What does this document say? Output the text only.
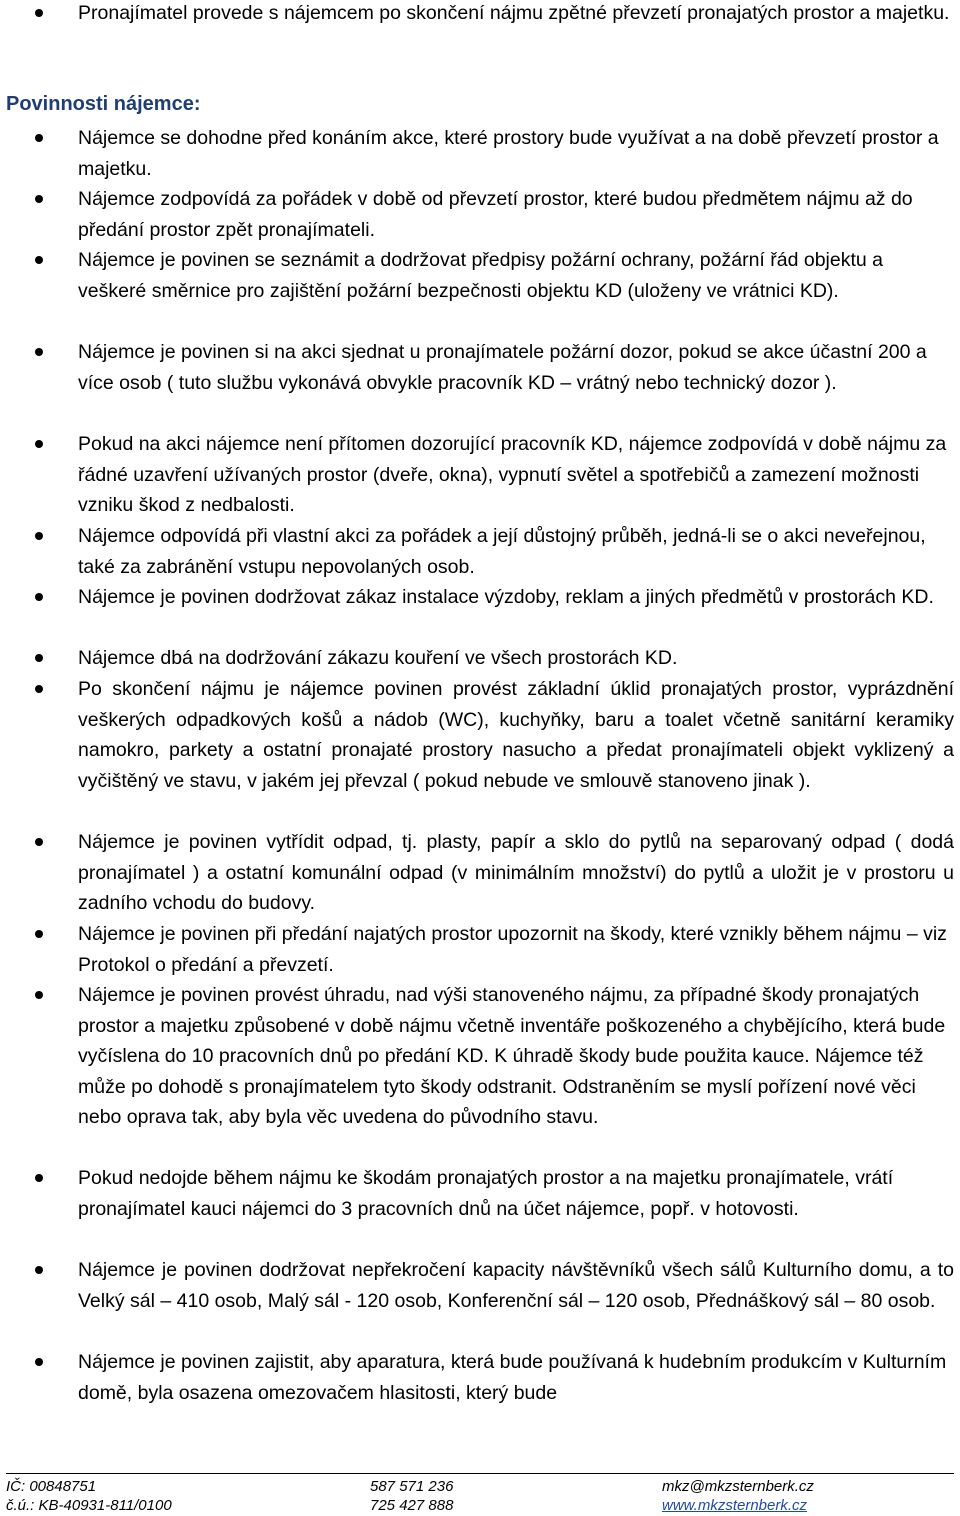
Pronajímatel provede s nájemcem po skončení nájmu zpětné převzetí pronajatých prostor a majetku.
Povinnosti nájemce:
Nájemce se dohodne před konáním akce, které prostory bude využívat a na době převzetí prostor a majetku.
Nájemce zodpovídá za pořádek v době od převzetí prostor, které budou předmětem nájmu až do předání prostor zpět pronajímateli.
Nájemce je povinen se seznámit a dodržovat předpisy požární ochrany, požární řád objektu a veškeré směrnice pro zajištění požární bezpečnosti objektu KD (uloženy ve vrátnici KD).
Nájemce je povinen si na akci sjednat u pronajímatele požární dozor, pokud se akce účastní 200 a více osob ( tuto službu vykonává obvykle pracovník KD – vrátný nebo technický dozor ).
Pokud na akci nájemce není přítomen dozorující pracovník KD, nájemce zodpovídá v době nájmu za řádné uzavření užívaných prostor (dveře, okna), vypnutí světel a spotřebičů a zamezení možnosti vzniku škod z nedbalosti.
Nájemce odpovídá při vlastní akci za pořádek a její důstojný průběh, jedná-li se o akci neveřejnou, také za zabránění vstupu nepovolaných osob.
Nájemce je povinen dodržovat zákaz instalace výzdoby, reklam a jiných předmětů v prostorách KD.
Nájemce dbá na dodržování zákazu kouření ve všech prostorách KD.
Po skončení nájmu je nájemce povinen provést základní úklid pronajatých prostor, vyprázdnění veškerých odpadkových košů a nádob (WC), kuchyňky, baru a toalet včetně sanitární keramiky namokro, parkety a ostatní pronajaté prostory nasucho a předat pronajímateli objekt vyklizený a vyčištěný ve stavu, v jakém jej převzal ( pokud nebude ve smlouvě stanoveno jinak ).
Nájemce je povinen vytřídit odpad, tj. plasty, papír a sklo do pytlů na separovaný odpad ( dodá pronajímatel ) a ostatní komunální odpad (v minimálním množství) do pytlů a uložit je v prostoru u zadního vchodu do budovy.
Nájemce je povinen při předání najatých prostor upozornit na škody, které vznikly během nájmu – viz Protokol o předání a převzetí.
Nájemce je povinen provést úhradu, nad výši stanoveného nájmu, za případné škody pronajatých prostor a majetku způsobené v době nájmu včetně inventáře poškozeného a chybějícího, která bude vyčíslena do 10 pracovních dnů po předání KD. K úhradě škody bude použita kauce. Nájemce též může po dohodě s pronajímatelem tyto škody odstranit. Odstraněním se myslí pořízení nové věci nebo oprava tak, aby byla věc uvedena do původního stavu.
Pokud nedojde během nájmu ke škodám pronajatých prostor a na majetku pronajímatele, vrátí pronajímatel kauci nájemci do 3 pracovních dnů na účet nájemce, popř. v hotovosti.
Nájemce je povinen dodržovat nepřekročení kapacity návštěvníků všech sálů Kulturního domu, a to Velký sál – 410 osob, Malý sál - 120 osob, Konferenční sál – 120 osob, Přednáškový sál – 80 osob.
Nájemce je povinen zajistit, aby aparatura, která bude používaná k hudebním produkcím v Kulturním domě, byla osazena omezovačem hlasitosti, který bude
IČ: 00848751
č.ú.: KB-40931-811/0100
587 571 236
725 427 888
mkz@mkzsternberk.cz
www.mkzsternberk.cz
